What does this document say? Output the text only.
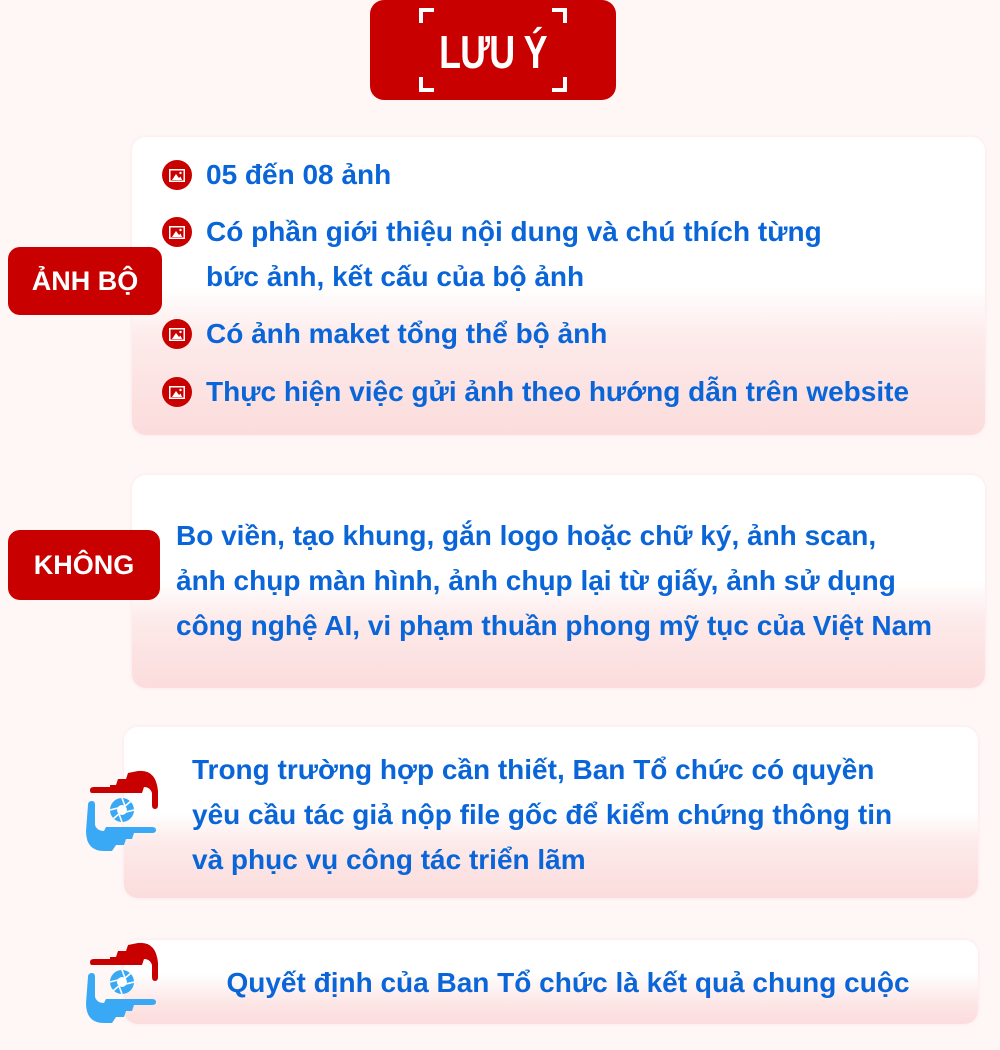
LƯU Ý
05 đến 08 ảnh
Có phần giới thiệu nội dung và chú thích từng
bức ảnh, kết cấu của bộ ảnh
Có ảnh maket tổng thể bộ ảnh
Thực hiện việc gửi ảnh theo hướng dẫn trên website
ẢNH BỘ
Bo viền, tạo khung, gắn logo hoặc chữ ký, ảnh scan,
ảnh chụp màn hình, ảnh chụp lại từ giấy, ảnh sử dụng
công nghệ AI, vi phạm thuần phong mỹ tục của Việt Nam
KHÔNG
Trong trường hợp cần thiết, Ban Tổ chức có quyền
yêu cầu tác giả nộp file gốc để kiểm chứng thông tin
và phục vụ công tác triển lãm
Quyết định của Ban Tổ chức là kết quả chung cuộc
